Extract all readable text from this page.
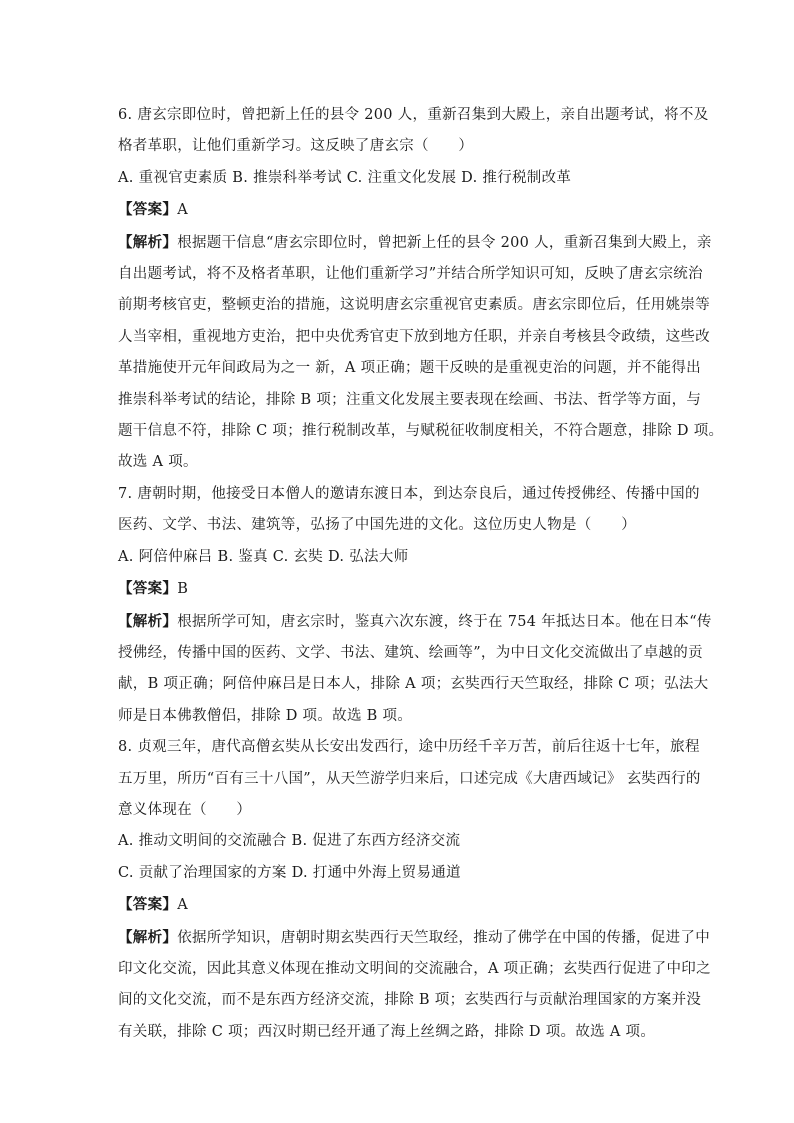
6. 唐玄宗即位时，曾把新上任的县令 200 人，重新召集到大殿上，亲自出题考试，将不及
格者革职，让他们重新学习。这反映了唐玄宗（　　）
A. 重视官吏素质 B. 推崇科举考试 C. 注重文化发展 D. 推行税制改革
【答案】A
【解析】根据题干信息“唐玄宗即位时，曾把新上任的县令 200 人，重新召集到大殿上，亲
自出题考试，将不及格者革职，让他们重新学习”并结合所学知识可知，反映了唐玄宗统治
前期考核官吏，整顿吏治的措施，这说明唐玄宗重视官吏素质。唐玄宗即位后，任用姚崇等
人当宰相，重视地方吏治，把中央优秀官吏下放到地方任职，并亲自考核县令政绩，这些改
革措施使开元年间政局为之一 新，A 项正确；题干反映的是重视吏治的问题，并不能得出
推崇科举考试的结论，排除 B 项；注重文化发展主要表现在绘画、书法、哲学等方面，与
题干信息不符，排除 C 项；推行税制改革，与赋税征收制度相关，不符合题意，排除 D 项。
故选 A 项。
7. 唐朝时期，他接受日本僧人的邀请东渡日本，到达奈良后，通过传授佛经、传播中国的
医药、文学、书法、建筑等，弘扬了中国先进的文化。这位历史人物是（　　）
A. 阿倍仲麻吕 B. 鉴真 C. 玄奘 D. 弘法大师
【答案】B
【解析】根据所学可知，唐玄宗时，鉴真六次东渡，终于在 754 年抵达日本。他在日本“传
授佛经，传播中国的医药、文学、书法、建筑、绘画等”，为中日文化交流做出了卓越的贡
献，B 项正确；阿倍仲麻吕是日本人，排除 A 项；玄奘西行天竺取经，排除 C 项；弘法大
师是日本佛教僧侣，排除 D 项。故选 B 项。
8. 贞观三年，唐代高僧玄奘从长安出发西行，途中历经千辛万苦，前后往返十七年，旅程
五万里，所历“百有三十八国”，从天竺游学归来后，口述完成《大唐西域记》 玄奘西行的
意义体现在（　　）
A. 推动文明间的交流融合 B. 促进了东西方经济交流
C. 贡献了治理国家的方案 D. 打通中外海上贸易通道
【答案】A
【解析】依据所学知识，唐朝时期玄奘西行天竺取经，推动了佛学在中国的传播，促进了中
印文化交流，因此其意义体现在推动文明间的交流融合，A 项正确；玄奘西行促进了中印之
间的文化交流，而不是东西方经济交流，排除 B 项；玄奘西行与贡献治理国家的方案并没
有关联，排除 C 项；西汉时期已经开通了海上丝绸之路，排除 D 项。故选 A 项。
